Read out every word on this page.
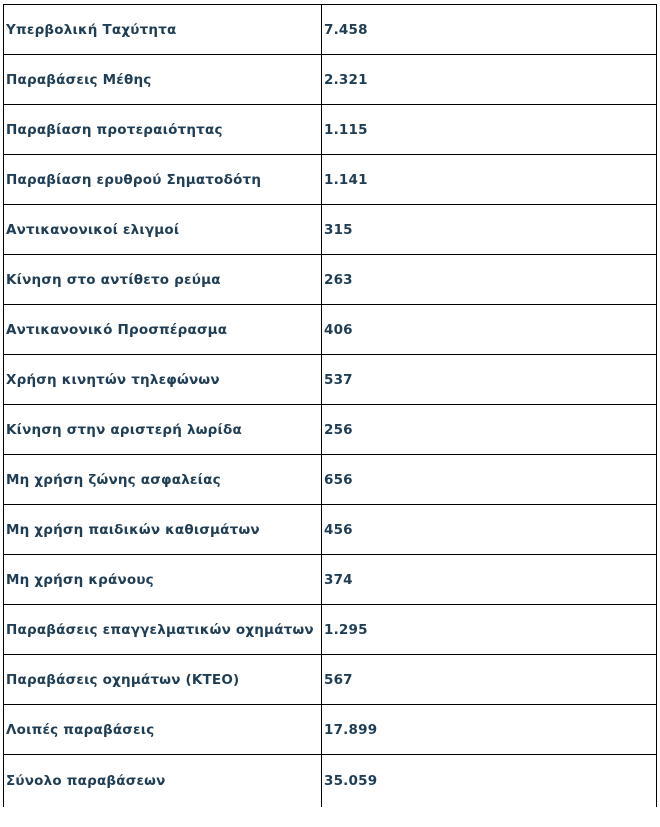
Υπερβολική Ταχύτητα	7.458
Παραβάσεις Μέθης	2.321
Παραβίαση προτεραιότητας	1.115
Παραβίαση ερυθρού Σηματοδότη	1.141
Αντικανονικοί ελιγμοί	315
Κίνηση στο αντίθετο ρεύμα	263
Αντικανονικό Προσπέρασμα	406
Χρήση κινητών τηλεφώνων	537
Κίνηση στην αριστερή λωρίδα	256
Μη χρήση ζώνης ασφαλείας	656
Μη χρήση παιδικών καθισμάτων	456
Μη χρήση κράνους	374
Παραβάσεις επαγγελματικών οχημάτων	1.295
Παραβάσεις οχημάτων (ΚΤΕΟ)	567
Λοιπές παραβάσεις	17.899
Σύνολο παραβάσεων	35.059
